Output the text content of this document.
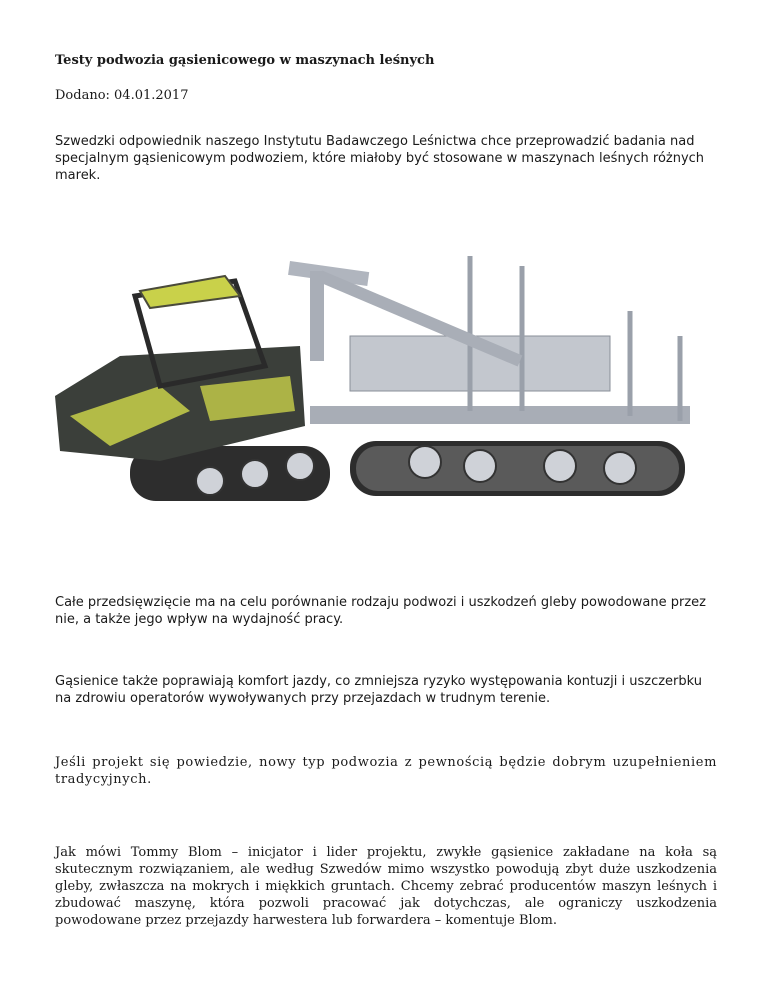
Testy podwozia gąsienicowego w maszynach leśnych
Dodano: 04.01.2017
Szwedzki odpowiednik naszego Instytutu Badawczego Leśnictwa chce przeprowadzić badania nad specjalnym gąsienicowym podwoziem, które miałoby być stosowane w maszynach leśnych różnych marek.
Całe przedsięwzięcie ma na celu porównanie rodzaju podwozi i uszkodzeń gleby powodowane przez nie, a także jego wpływ na wydajność pracy.
Gąsienice także poprawiają komfort jazdy, co zmniejsza ryzyko występowania kontuzji i uszczerbku na zdrowiu operatorów wywoływanych przy przejazdach w trudnym terenie.
Jeśli projekt się powiedzie, nowy typ podwozia z pewnością będzie dobrym uzupełnieniem tradycyjnych.
Jak mówi Tommy Blom – inicjator i lider projektu, zwykłe gąsienice zakładane na koła są skutecznym rozwiązaniem, ale według Szwedów mimo wszystko powodują zbyt duże uszkodzenia gleby, zwłaszcza na mokrych i miękkich gruntach. Chcemy zebrać producentów maszyn leśnych i zbudować maszynę, która pozwoli pracować jak dotychczas, ale ograniczy uszkodzenia powodowane przez przejazdy harwestera lub forwardera – komentuje Blom.
